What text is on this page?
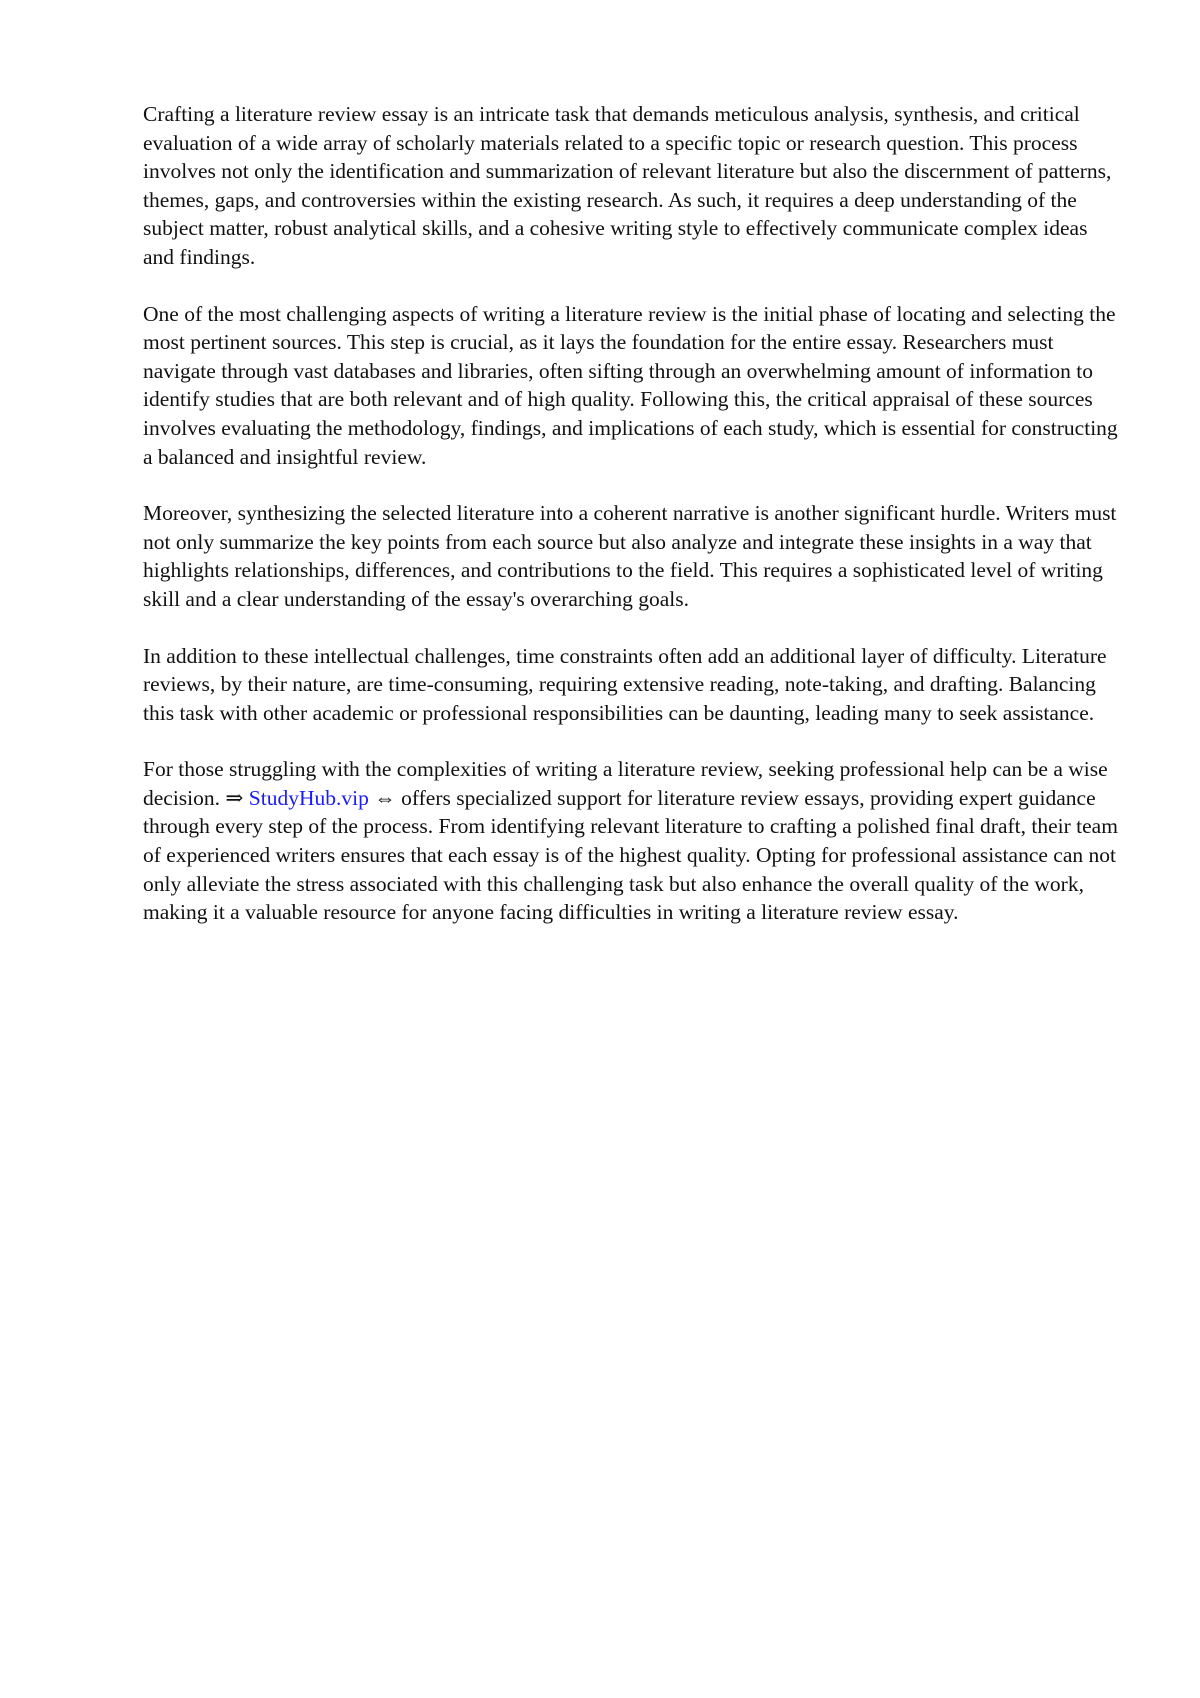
Crafting a literature review essay is an intricate task that demands meticulous analysis, synthesis, and critical evaluation of a wide array of scholarly materials related to a specific topic or research question. This process involves not only the identification and summarization of relevant literature but also the discernment of patterns, themes, gaps, and controversies within the existing research. As such, it requires a deep understanding of the subject matter, robust analytical skills, and a cohesive writing style to effectively communicate complex ideas and findings.

One of the most challenging aspects of writing a literature review is the initial phase of locating and selecting the most pertinent sources. This step is crucial, as it lays the foundation for the entire essay. Researchers must navigate through vast databases and libraries, often sifting through an overwhelming amount of information to identify studies that are both relevant and of high quality. Following this, the critical appraisal of these sources involves evaluating the methodology, findings, and implications of each study, which is essential for constructing a balanced and insightful review.

Moreover, synthesizing the selected literature into a coherent narrative is another significant hurdle. Writers must not only summarize the key points from each source but also analyze and integrate these insights in a way that highlights relationships, differences, and contributions to the field. This requires a sophisticated level of writing skill and a clear understanding of the essay's overarching goals.

In addition to these intellectual challenges, time constraints often add an additional layer of difficulty. Literature reviews, by their nature, are time-consuming, requiring extensive reading, note-taking, and drafting. Balancing this task with other academic or professional responsibilities can be daunting, leading many to seek assistance.

For those struggling with the complexities of writing a literature review, seeking professional help can be a wise decision. ⇒ StudyHub.vip ⇔ offers specialized support for literature review essays, providing expert guidance through every step of the process. From identifying relevant literature to crafting a polished final draft, their team of experienced writers ensures that each essay is of the highest quality. Opting for professional assistance can not only alleviate the stress associated with this challenging task but also enhance the overall quality of the work, making it a valuable resource for anyone facing difficulties in writing a literature review essay.
